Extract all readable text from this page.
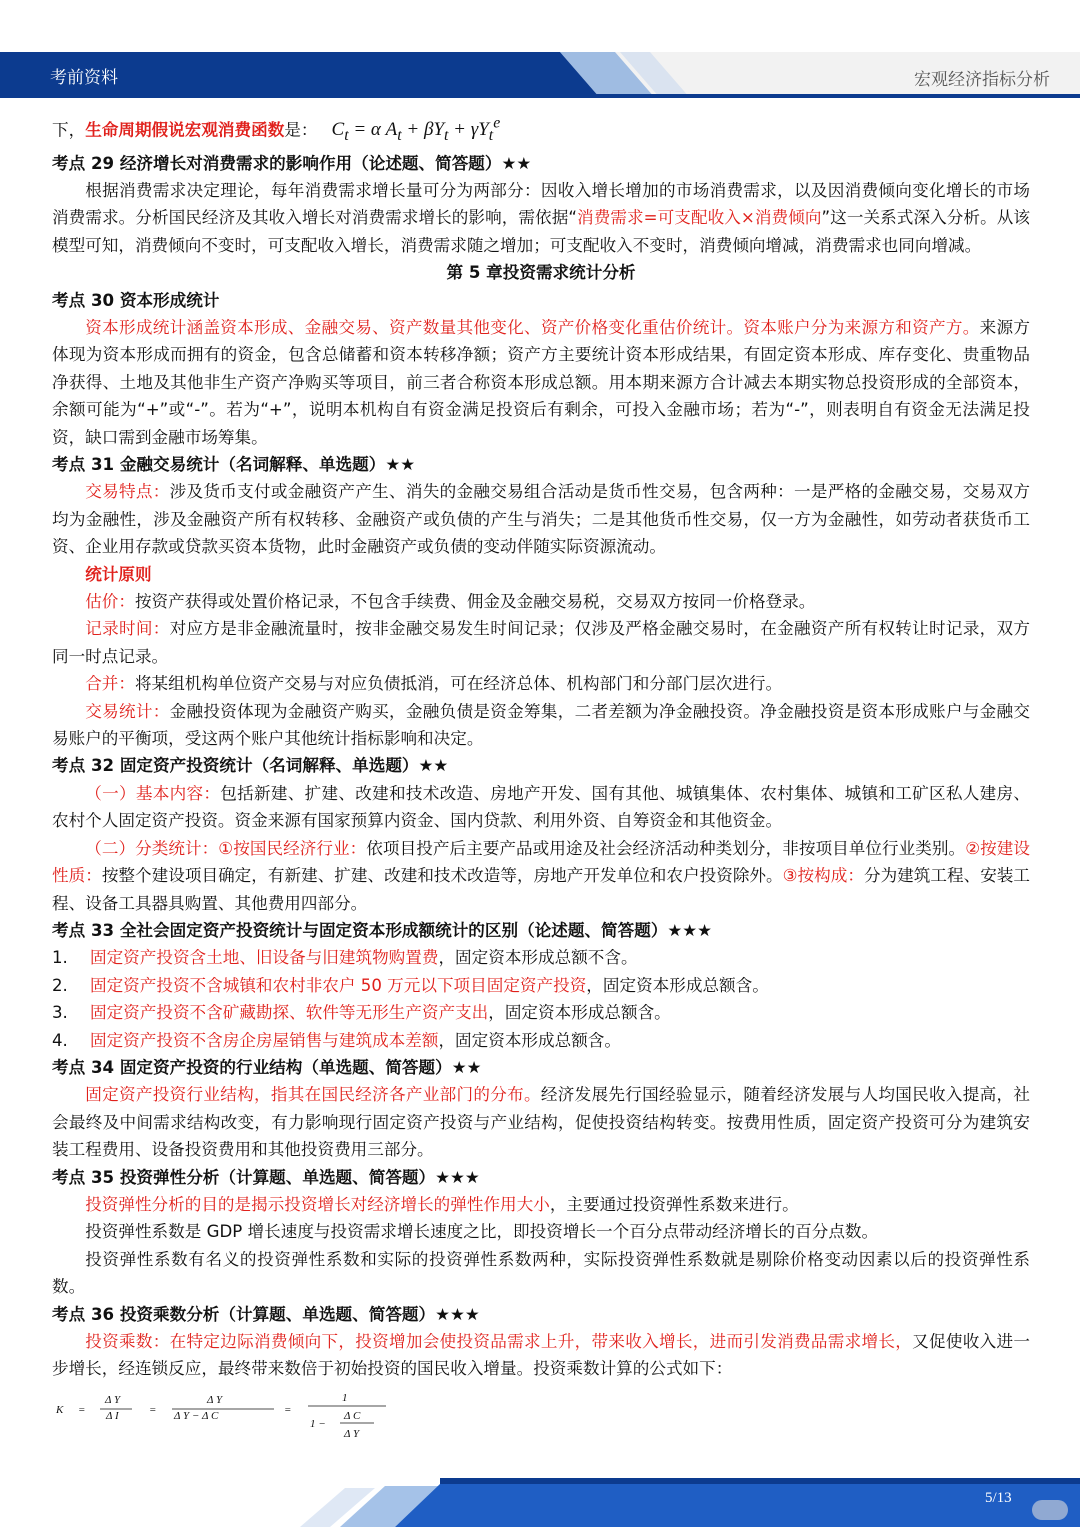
考前资料	宏观经济指标分析

下，生命周期假说宏观消费函数是： $C_t = \alpha$ $A_t + \beta Y_t + \gamma Y_t^e$

考点 29 经济增长对消费需求的影响作用（论述题、简答题）★★

根据消费需求决定理论，每年消费需求增长量可分为两部分：因收入增长增加的市场消费需求，以及因消费倾向变化增长的市场消费需求。分析国民经济及其收入增长对消费需求增长的影响，需依据“消费需求=可支配收入×消费倾向”这一关系式深入分析。从该模型可知，消费倾向不变时，可支配收入增长，消费需求随之增加；可支配收入不变时，消费倾向增减，消费需求也同向增减。

第 5 章投资需求统计分析

考点 30 资本形成统计

资本形成统计涵盖资本形成、金融交易、资产数量其他变化、资产价格变化重估价统计。资本账户分为来源方和资产方。来源方体现为资本形成而拥有的资金，包含总储蓄和资本转移净额；资产方主要统计资本形成结果，有固定资本形成、库存变化、贵重物品净获得、土地及其他非生产资产净购买等项目，前三者合称资本形成总额。用本期来源方合计减去本期实物总投资形成的全部资本，余额可能为“+”或“-”。若为“+”，说明本机构自有资金满足投资后有剩余，可投入金融市场；若为“-”，则表明自有资金无法满足投资，缺口需到金融市场筹集。

考点 31 金融交易统计（名词解释、单选题）★★

交易特点：涉及货币支付或金融资产产生、消失的金融交易组合活动是货币性交易，包含两种：一是严格的金融交易，交易双方均为金融性，涉及金融资产所有权转移、金融资产或负债的产生与消失；二是其他货币性交易，仅一方为金融性，如劳动者获货币工资、企业用存款或贷款买资本货物，此时金融资产或负债的变动伴随实际资源流动。

统计原则

估价：按资产获得或处置价格记录，不包含手续费、佣金及金融交易税，交易双方按同一价格登录。

记录时间：对应方是非金融流量时，按非金融交易发生时间记录；仅涉及严格金融交易时，在金融资产所有权转让时记录，双方同一时点记录。

合并：将某组机构单位资产交易与对应负债抵消，可在经济总体、机构部门和分部门层次进行。

交易统计：金融投资体现为金融资产购买，金融负债是资金筹集，二者差额为净金融投资。净金融投资是资本形成账户与金融交易账户的平衡项，受这两个账户其他统计指标影响和决定。

考点 32 固定资产投资统计（名词解释、单选题）★★

（一）基本内容：包括新建、扩建、改建和技术改造、房地产开发、国有其他、城镇集体、农村集体、城镇和工矿区私人建房、农村个人固定资产投资。资金来源有国家预算内资金、国内贷款、利用外资、自筹资金和其他资金。

（二）分类统计：①按国民经济行业：依项目投产后主要产品或用途及社会经济活动种类划分，非按项目单位行业类别。②按建设性质：按整个建设项目确定，有新建、扩建、改建和技术改造等，房地产开发单位和农户投资除外。③按构成：分为建筑工程、安装工程、设备工具器具购置、其他费用四部分。

考点 33 全社会固定资产投资统计与固定资本形成额统计的区别（论述题、简答题）★★★

1.	固定资产投资含土地、旧设备与旧建筑物购置费，固定资本形成总额不含。
2.	固定资产投资不含城镇和农村非农户 50 万元以下项目固定资产投资，固定资本形成总额含。
3.	固定资产投资不含矿藏勘探、软件等无形生产资产支出，固定资本形成总额含。
4.	固定资产投资不含房企房屋销售与建筑成本差额，固定资本形成总额含。

考点 34 固定资产投资的行业结构（单选题、简答题）★★

固定资产投资行业结构，指其在国民经济各产业部门的分布。经济发展先行国经验显示，随着经济发展与人均国民收入提高，社会最终及中间需求结构改变，有力影响现行固定资产投资与产业结构，促使投资结构转变。按费用性质，固定资产投资可分为建筑安装工程费用、设备投资费用和其他投资费用三部分。

考点 35 投资弹性分析（计算题、单选题、简答题）★★★

投资弹性分析的目的是揭示投资增长对经济增长的弹性作用大小，主要通过投资弹性系数来进行。

投资弹性系数是 GDP 增长速度与投资需求增长速度之比，即投资增长一个百分点带动经济增长的百分点数。

投资弹性系数有名义的投资弹性系数和实际的投资弹性系数两种，实际投资弹性系数就是剔除价格变动因素以后的投资弹性系数。

考点 36 投资乘数分析（计算题、单选题、简答题）★★★

投资乘数：在特定边际消费倾向下，投资增加会使投资品需求上升，带来收入增长，进而引发消费品需求增长，又促使收入进一步增长，经连锁反应，最终带来数倍于初始投资的国民收入增量。投资乘数计算的公式如下：

K =
Δ Y
Δ I	=
Δ Y
Δ Y − Δ C	=
1
1 −
Δ C
Δ Y
5/13
